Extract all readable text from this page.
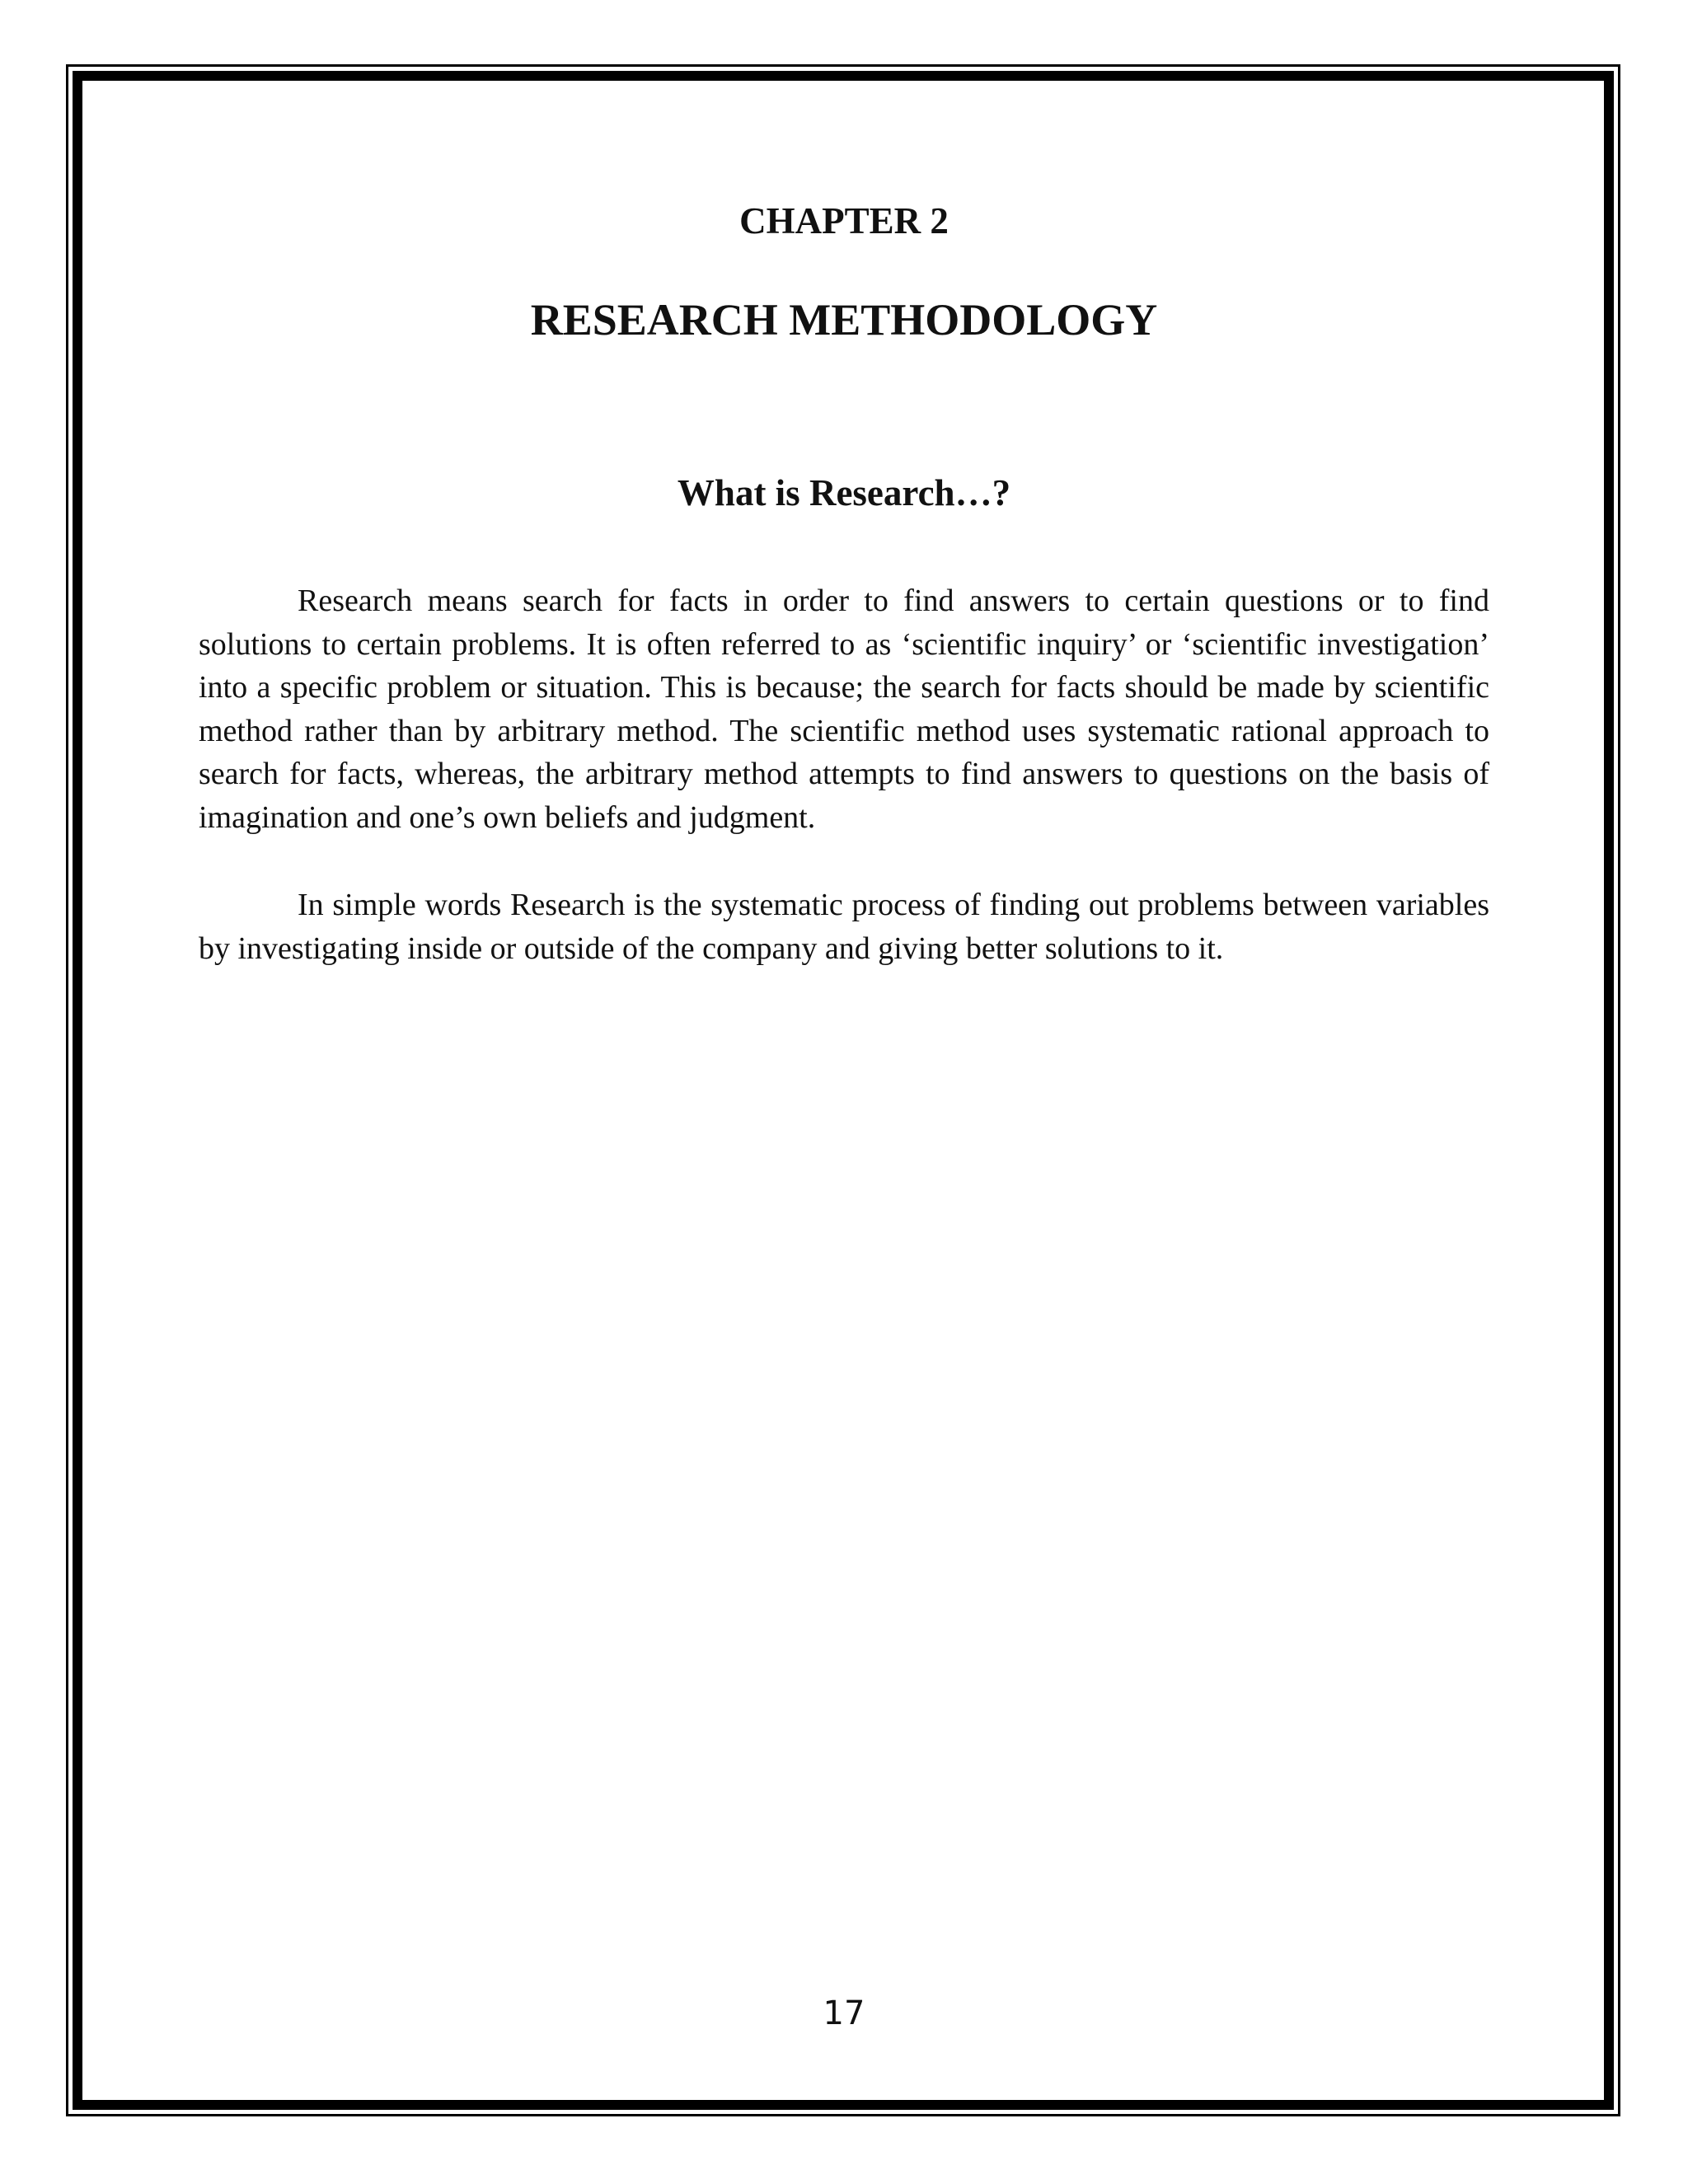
CHAPTER 2
RESEARCH METHODOLOGY
What is Research…?

Research means search for facts in order to find answers to certain questions or to find solutions to certain problems. It is often referred to as ‘scientific inquiry’ or ‘scientific investigation’ into a specific problem or situation. This is because; the search for facts should be made by scientific method rather than by arbitrary method. The scientific method uses systematic rational approach to search for facts, whereas, the arbitrary method attempts to find answers to questions on the basis of imagination and one’s own beliefs and judgment.

In simple words Research is the systematic process of finding out problems between variables by investigating inside or outside of the company and giving better solutions to it.

17
